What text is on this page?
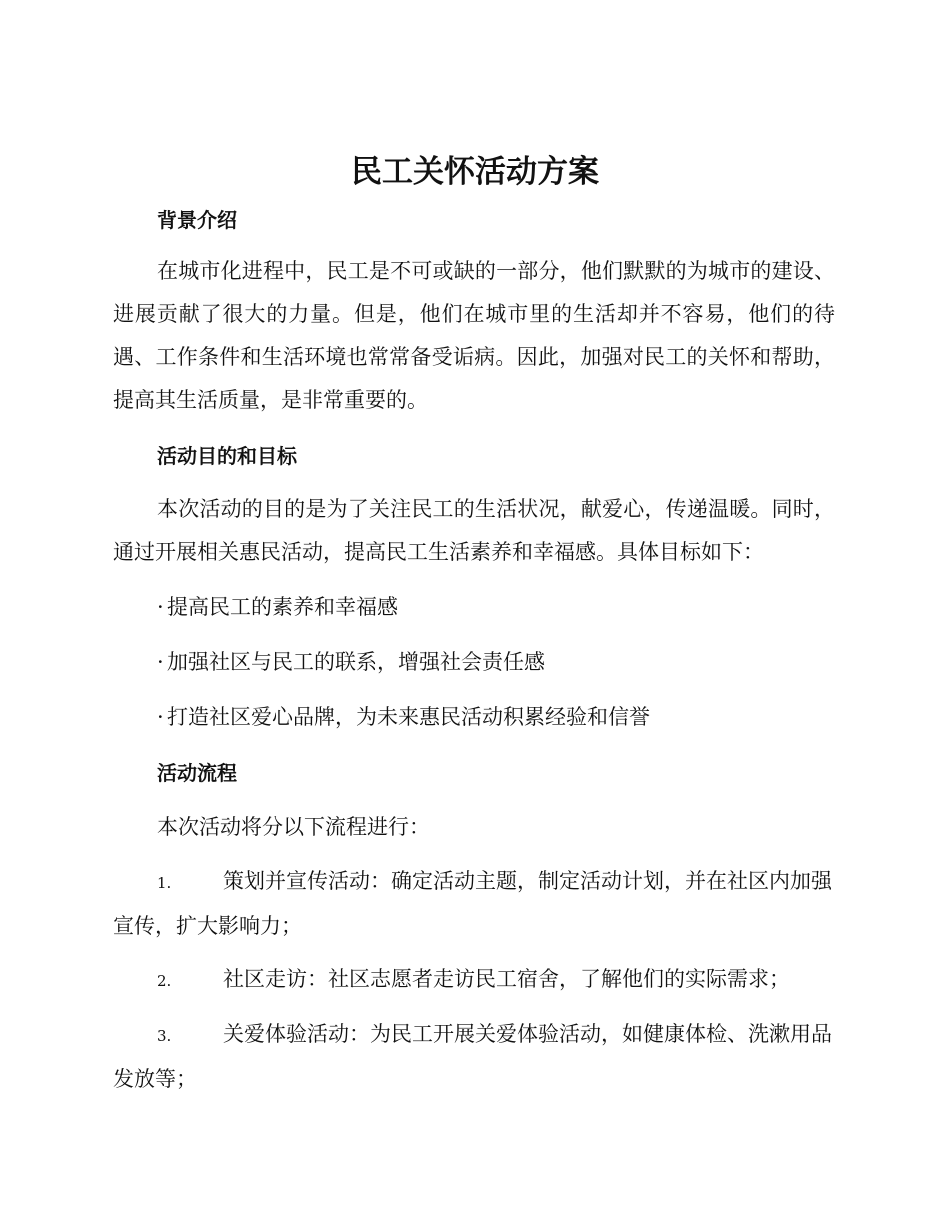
民工关怀活动方案
背景介绍

在城市化进程中，民工是不可或缺的一部分，他们默默的为城市的建设、进展贡献了很大的力量。但是，他们在城市里的生活却并不容易，他们的待遇、工作条件和生活环境也常常备受诟病。因此，加强对民工的关怀和帮助，提高其生活质量，是非常重要的。

活动目的和目标

本次活动的目的是为了关注民工的生活状况，献爱心，传递温暖。同时，通过开展相关惠民活动，提高民工生活素养和幸福感。具体目标如下：

· 提高民工的素养和幸福感

· 加强社区与民工的联系，增强社会责任感

· 打造社区爱心品牌，为未来惠民活动积累经验和信誉

活动流程

本次活动将分以下流程进行：

1. 策划并宣传活动：确定活动主题，制定活动计划，并在社区内加强宣传，扩大影响力；

2. 社区走访：社区志愿者走访民工宿舍，了解他们的实际需求；

3. 关爱体验活动：为民工开展关爱体验活动，如健康体检、洗漱用品发放等；
